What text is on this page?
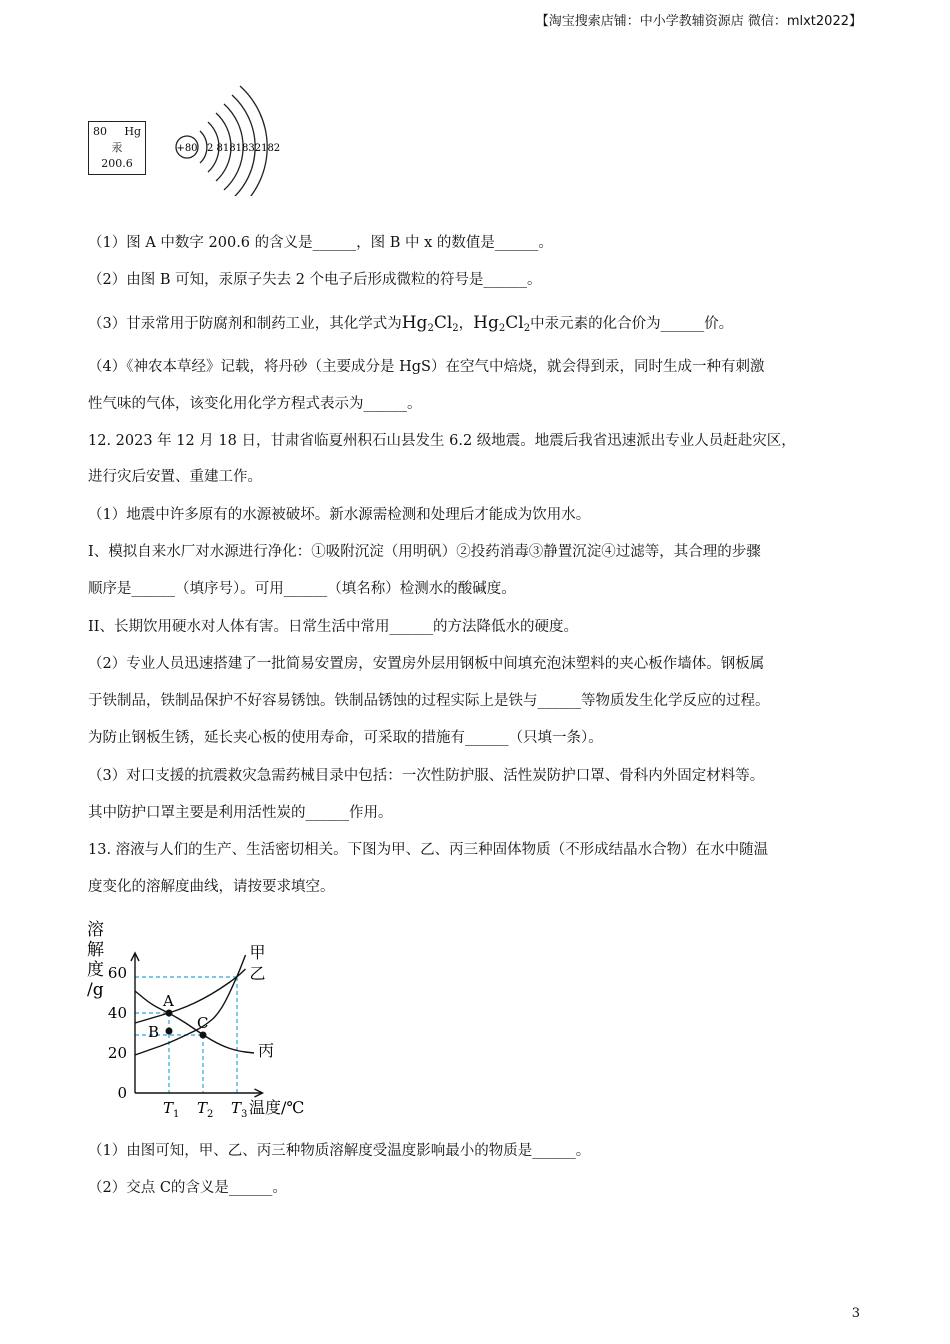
【淘宝搜索店铺：中小学教辅资源店 微信：mlxt2022】
80 Hg
汞
200.6
+80 2 8181832182
（1）图 A 中数字 200.6 的含义是______，图 B 中 x 的数值是______。
（2）由图 B 可知，汞原子失去 2 个电子后形成微粒的符号是______。
（3）甘汞常用于防腐剂和制药工业，其化学式为$Hg_2Cl_2$，$Hg_2Cl_2$中汞元素的化合价为______价。
（4）《神农本草经》记载，将丹砂（主要成分是 HgS）在空气中焙烧，就会得到汞，同时生成一种有刺激
性气味的气体，该变化用化学方程式表示为______。
12. 2023 年 12 月 18 日，甘肃省临夏州积石山县发生 6.2 级地震。地震后我省迅速派出专业人员赶赴灾区，
进行灾后安置、重建工作。
（1）地震中许多原有的水源被破坏。新水源需检测和处理后才能成为饮用水。
I、模拟自来水厂对水源进行净化：①吸附沉淀（用明矾）②投药消毒③静置沉淀④过滤等，其合理的步骤
顺序是______（填序号）。可用______（填名称）检测水的酸碱度。
II、长期饮用硬水对人体有害。日常生活中常用______的方法降低水的硬度。
（2）专业人员迅速搭建了一批简易安置房，安置房外层用钢板中间填充泡沫塑料的夹心板作墙体。钢板属
于铁制品，铁制品保护不好容易锈蚀。铁制品锈蚀的过程实际上是铁与______等物质发生化学反应的过程。
为防止钢板生锈，延长夹心板的使用寿命，可采取的措施有______（只填一条）。
（3）对口支援的抗震救灾急需药械目录中包括：一次性防护服、活性炭防护口罩、骨科内外固定材料等。
其中防护口罩主要是利用活性炭的______作用。
13. 溶液与人们的生产、生活密切相关。下图为甲、乙、丙三种固体物质（不形成结晶水合物）在水中随温
度变化的溶解度曲线，请按要求填空。
溶
解
度
/g
甲
乙
丙
A
B	C
0
20
40
60
T 1 T 2 T 3 温度/℃
（1）由图可知，甲、乙、丙三种物质溶解度受温度影响最小的物质是______。
（2）交点 C的含义是______。
3
